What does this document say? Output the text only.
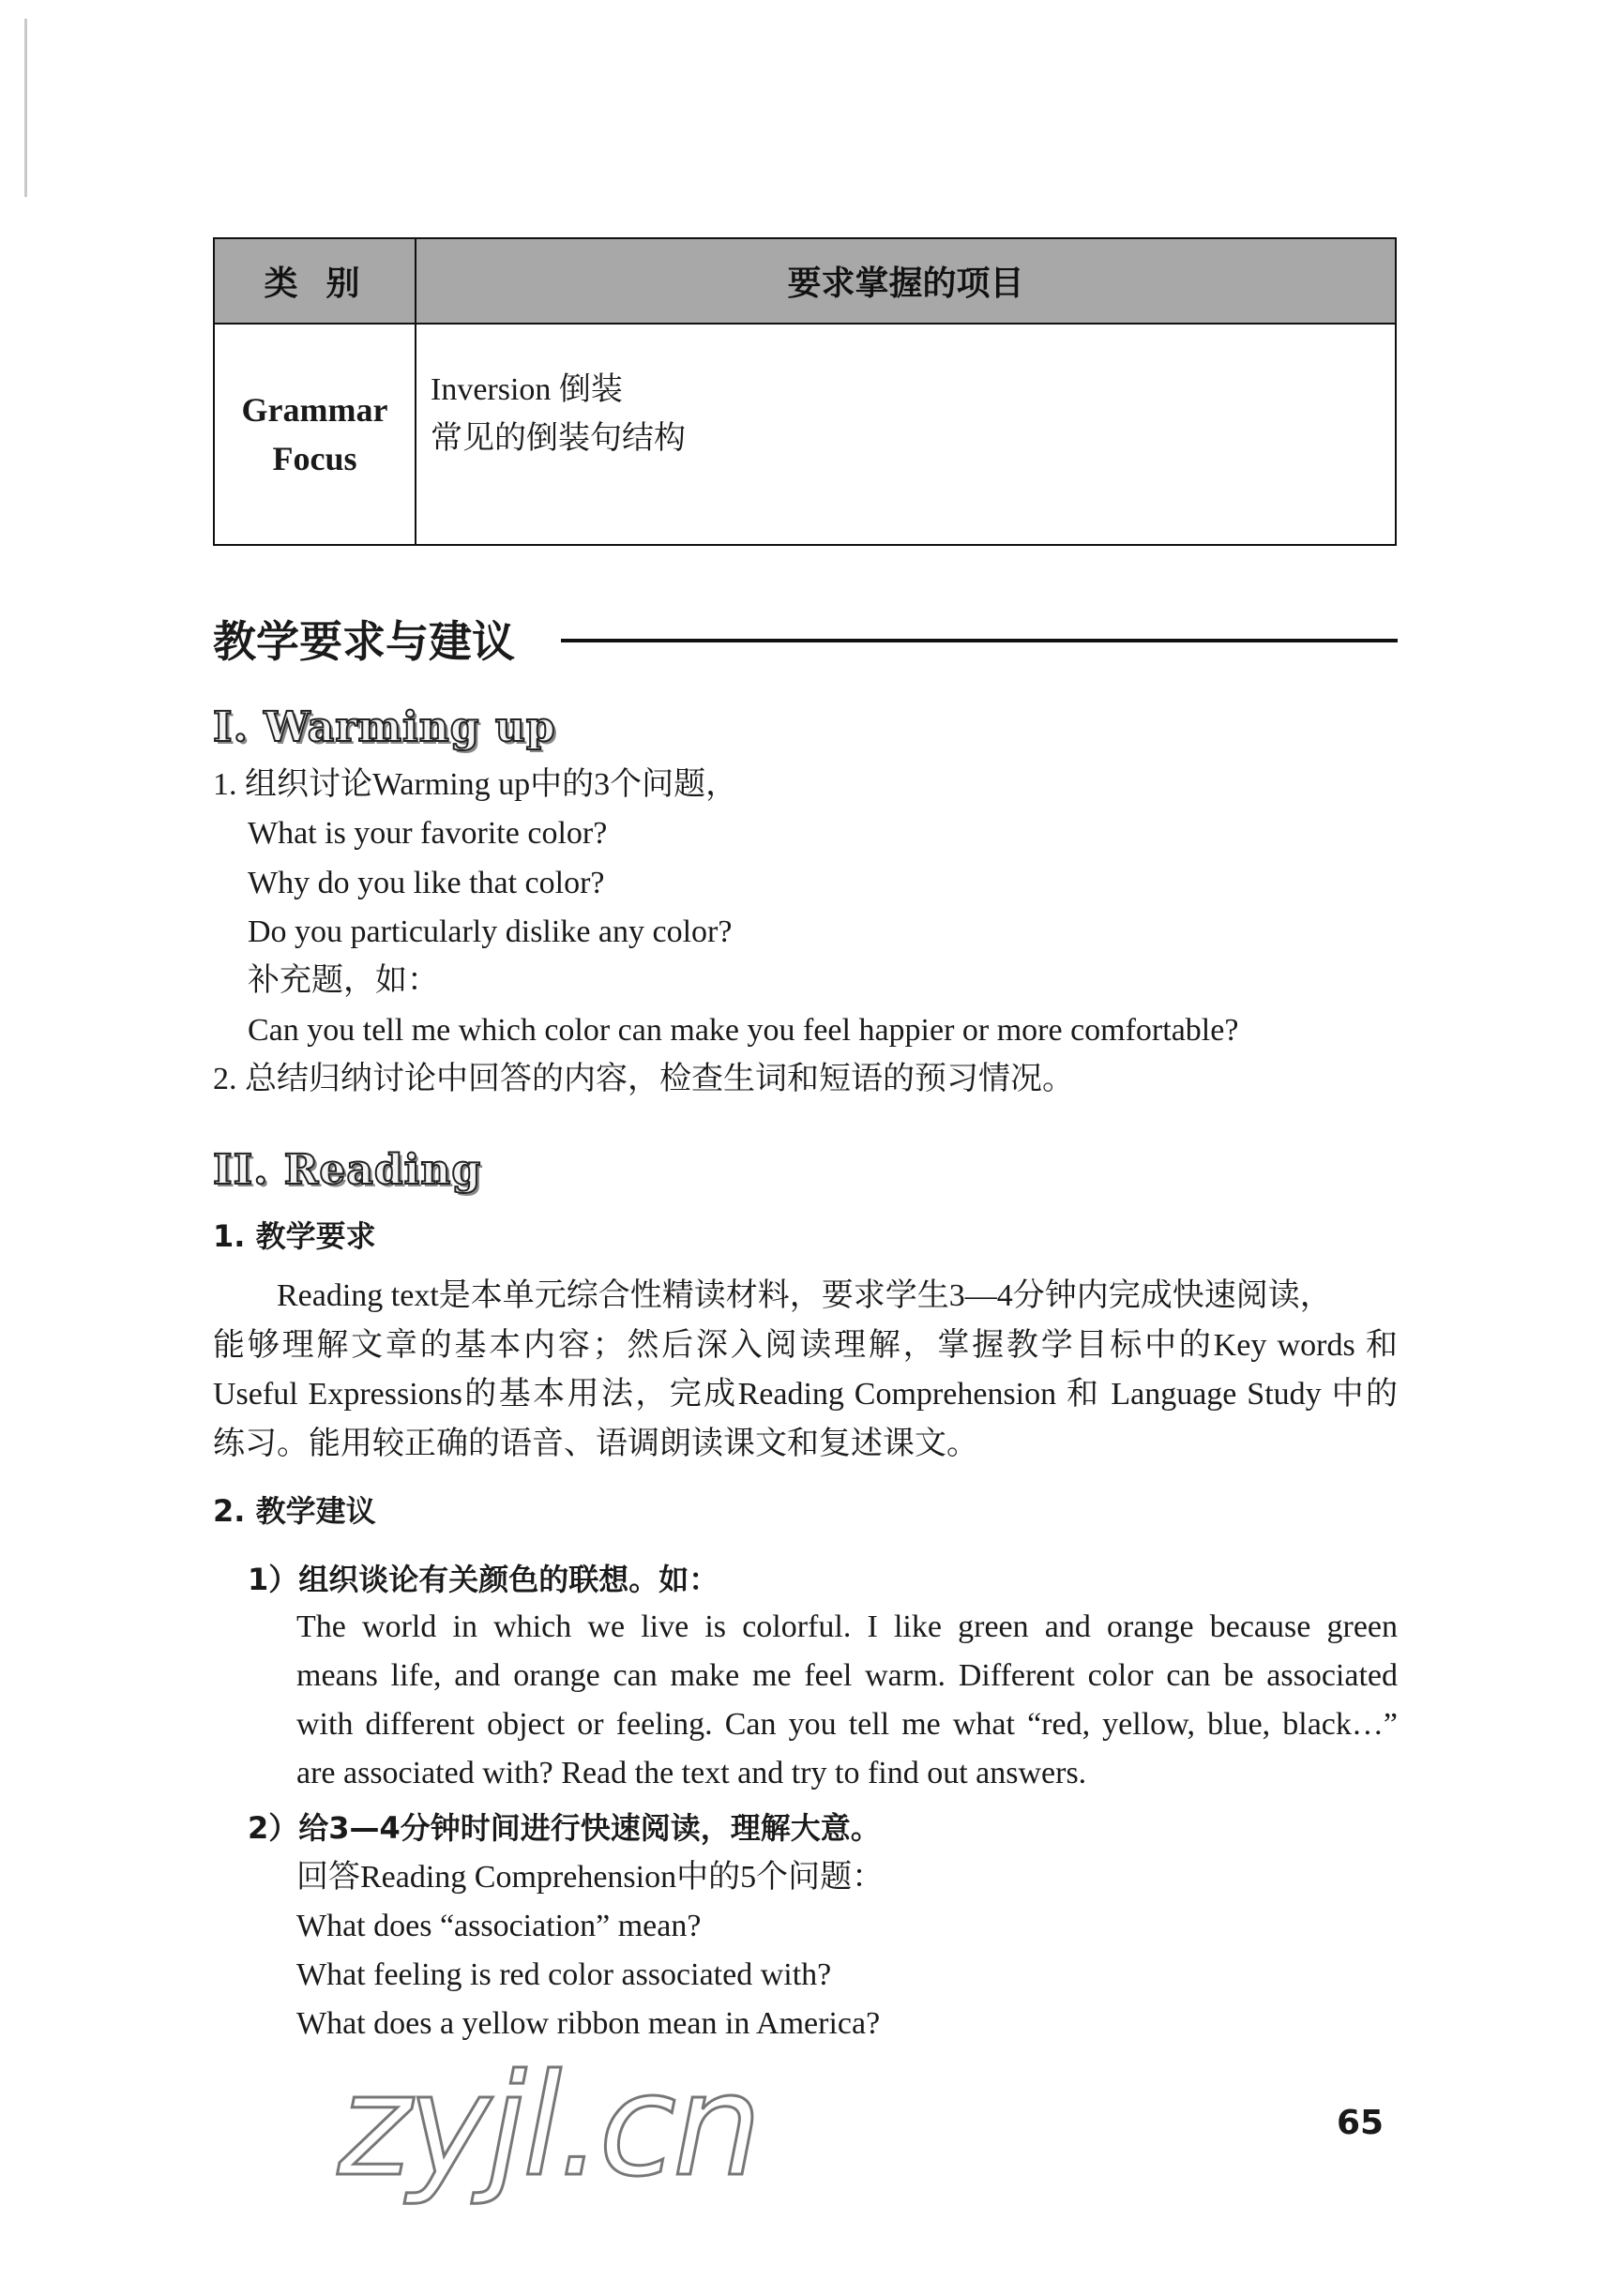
类别	要求掌握的项目
Grammar
Focus
Inversion 倒装
常见的倒装句结构
教学要求与建议
I. Warming up
1. 组织讨论Warming up中的3个问题，
What is your favorite color?
Why do you like that color?
Do you particularly dislike any color?
补充题，如：
Can you tell me which color can make you feel happier or more comfortable?
2. 总结归纳讨论中回答的内容，检查生词和短语的预习情况。
II. Reading
1. 教学要求
Reading text是本单元综合性精读材料，要求学生3—4分钟内完成快速阅读，
能够理解文章的基本内容；然后深入阅读理解，掌握教学目标中的Key words 和
Useful Expressions的基本用法，完成Reading Comprehension 和 Language Study 中的
练习。能用较正确的语音、语调朗读课文和复述课文。
2. 教学建议
1）组织谈论有关颜色的联想。如：
The world in which we live is colorful. I like green and orange because green
means life, and orange can make me feel warm. Different color can be associated
with different object or feeling. Can you tell me what “red, yellow, blue, black…”
are associated with? Read the text and try to find out answers.
2）给3—4分钟时间进行快速阅读，理解大意。
回答Reading Comprehension中的5个问题：
What does “association” mean?
What feeling is red color associated with?
What does a yellow ribbon mean in America?
zyjl.cn	65
